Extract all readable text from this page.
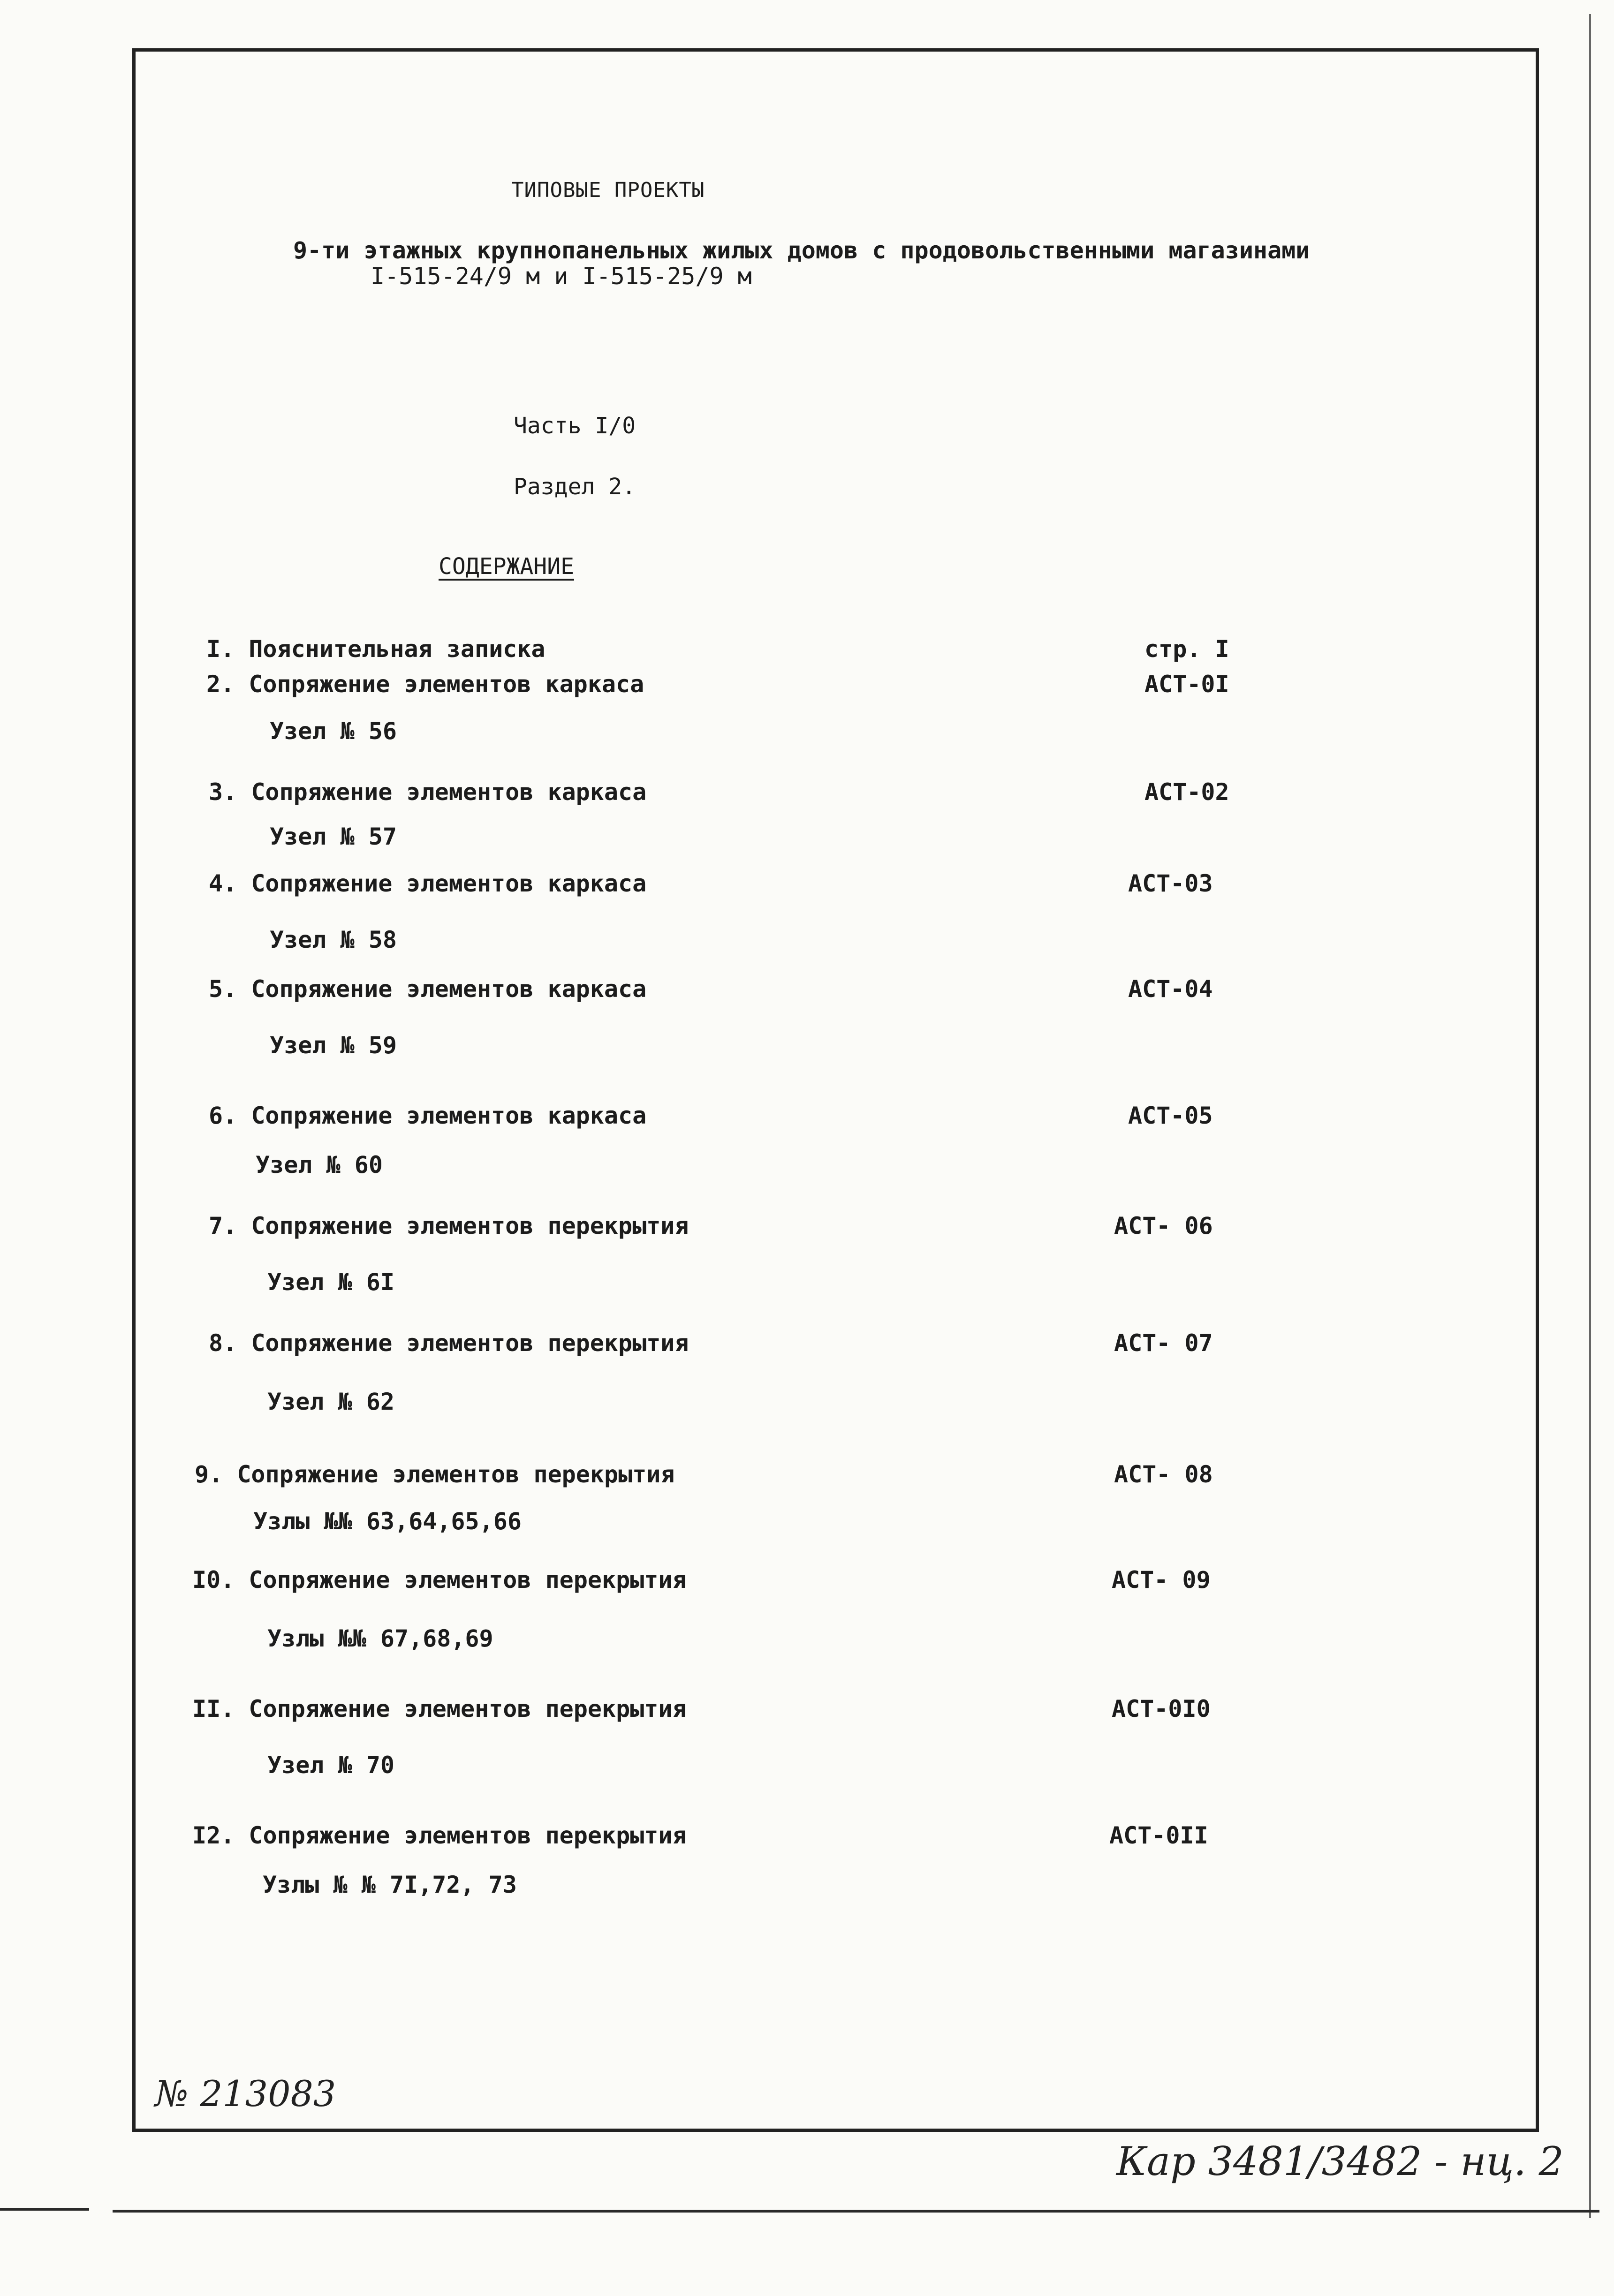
ТИПОВЫЕ ПРОЕКТЫ
9-ти этажных крупнопанельных жилых домов с продовольственными магазинами
I-515-24/9 м и I-515-25/9 м
Часть I/0
Раздел 2.
СОДЕРЖАНИЕ
I. Пояснительная записка	стр. I
2. Сопряжение элементов каркаса	АСТ-0I
Узел № 56
3. Сопряжение элементов каркаса	АСТ-02
Узел № 57
4. Сопряжение элементов каркаса	АСТ-03
Узел № 58
5. Сопряжение элементов каркаса	АСТ-04
Узел № 59
6. Сопряжение элементов каркаса	АСТ-05
Узел № 60
7. Сопряжение элементов перекрытия	АСТ- 06
Узел № 6I
8. Сопряжение элементов перекрытия	АСТ- 07
Узел № 62
9. Сопряжение элементов перекрытия	АСТ- 08
Узлы №№ 63,64,65,66
I0. Сопряжение элементов перекрытия	АСТ- 09
Узлы №№ 67,68,69
II. Сопряжение элементов перекрытия	АСТ-0I0
Узел № 70
I2. Сопряжение элементов перекрытия	АСТ-0II
Узлы № № 7I,72, 73
№ 213083
Кар 3481/3482 - нц. 2
